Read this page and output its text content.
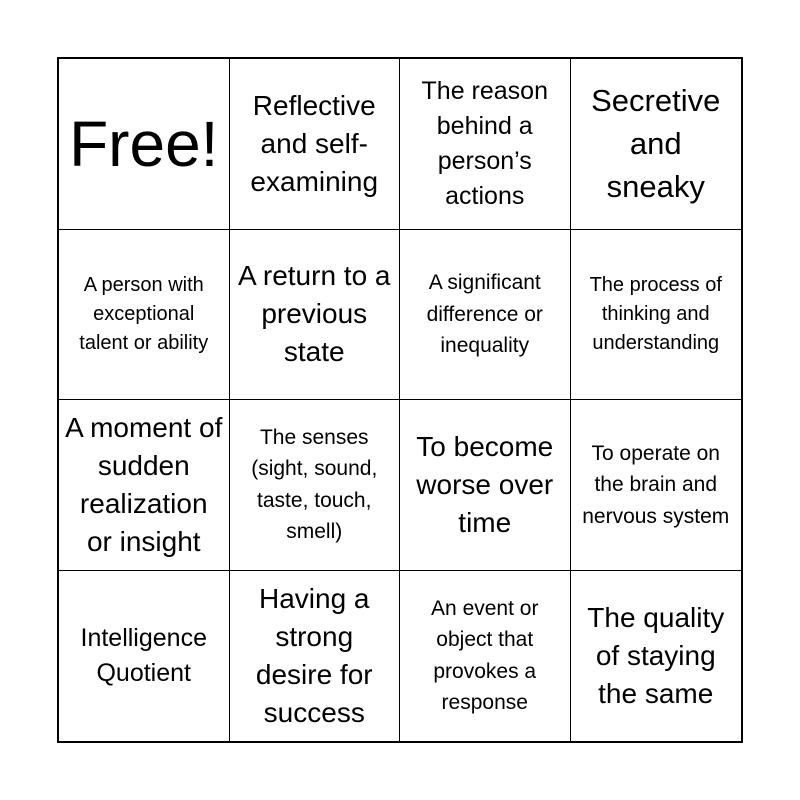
Free!
Reflective and self-examining
The reason behind a person’s actions
Secretive and sneaky
A person with exceptional talent or ability
A return to a previous state
A significant difference or inequality
The process of thinking and understanding
A moment of sudden realization or insight
The senses (sight, sound, taste, touch, smell)
To become worse over time
To operate on the brain and nervous system
Intelligence Quotient
Having a strong desire for success
An event or object that provokes a response
The quality of staying the same
